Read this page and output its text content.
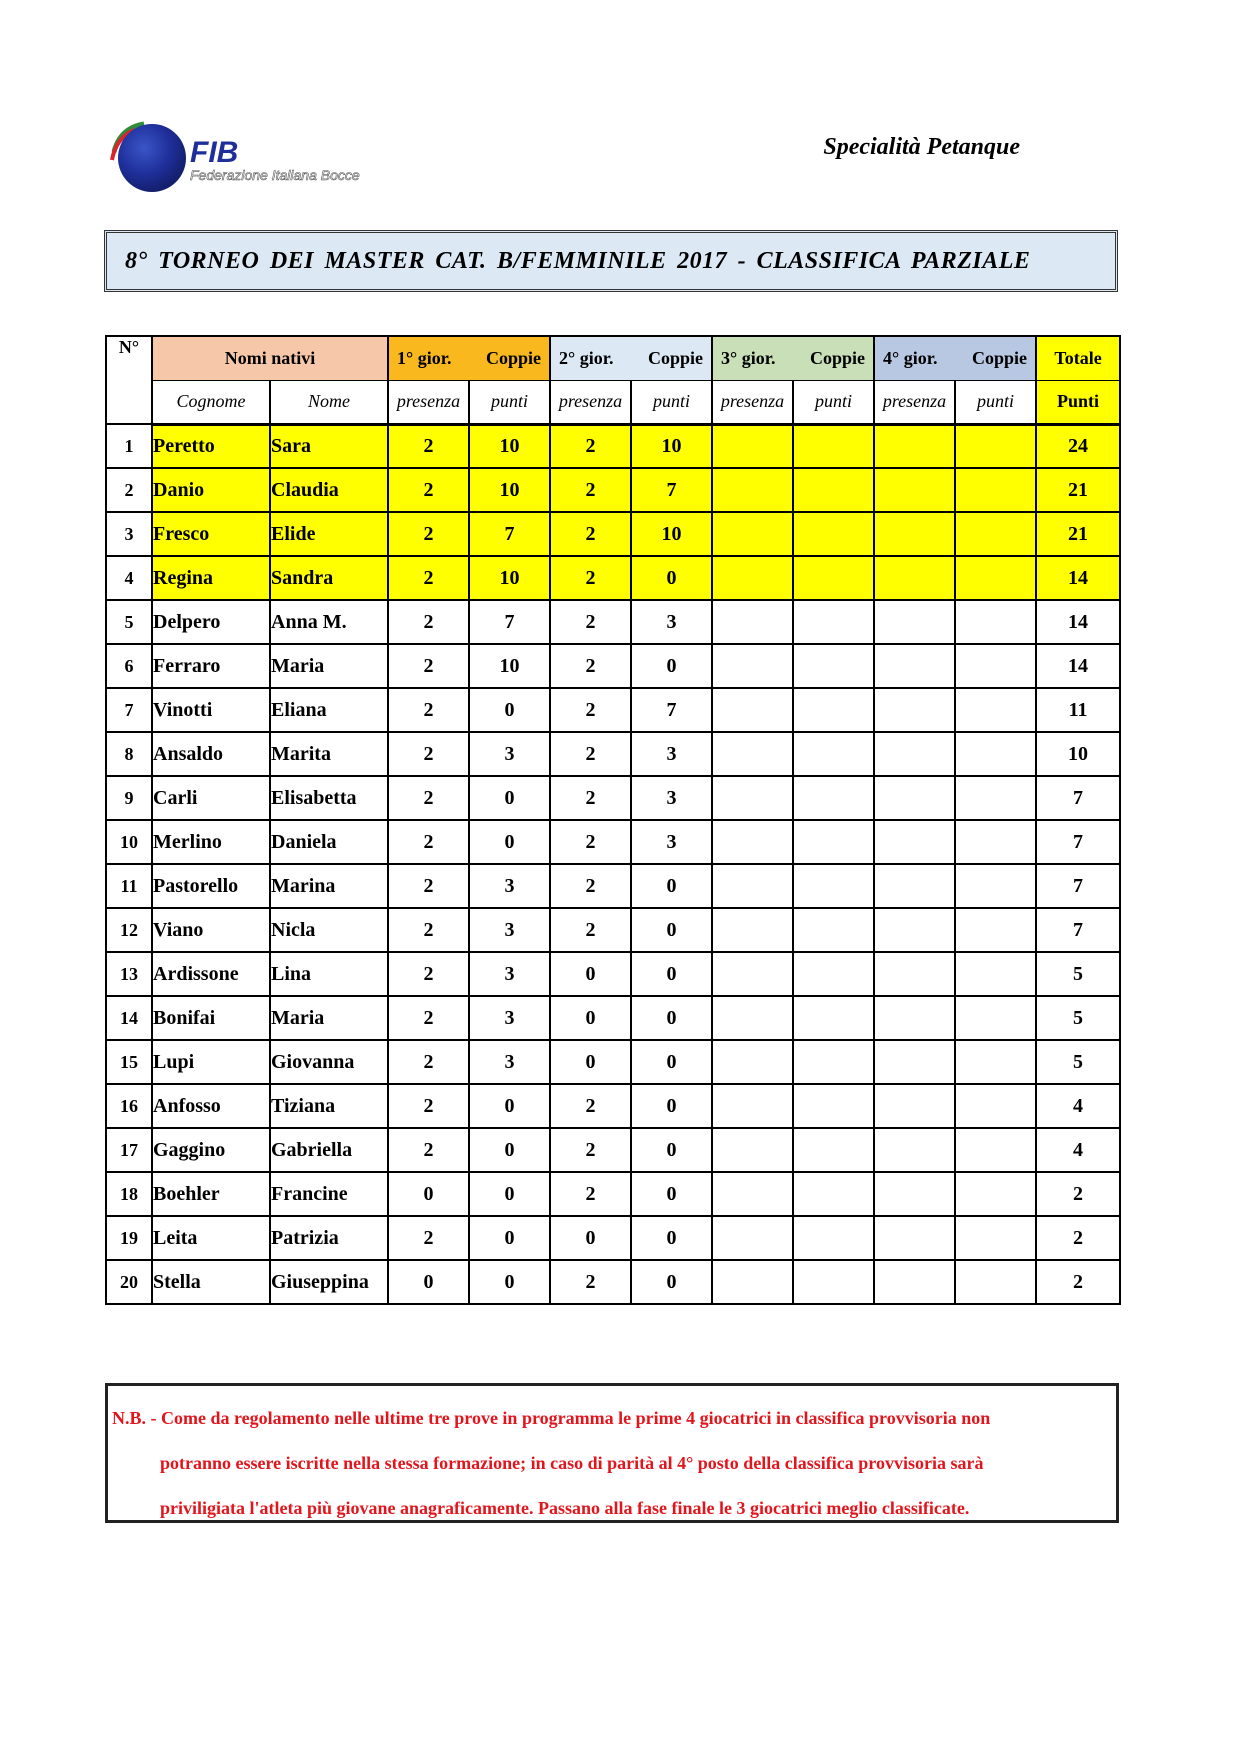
FIB
Federazione Italiana Bocce
Specialità Petanque
8° TORNEO DEI MASTER CAT. B/FEMMINILE 2017 - CLASSIFICA PARZIALE
N°	Nomi nativi		1° gior. Coppie		2° gior. Coppie		3° gior. Coppie		4° gior. Coppie		Totale
	Cognome	Nome	presenza	punti	presenza	punti	presenza	punti	presenza	punti	Punti
1	Peretto	Sara	2	10	2	10					24
2	Danio	Claudia	2	10	2	7					21
3	Fresco	Elide	2	7	2	10					21
4	Regina	Sandra	2	10	2	0					14
5	Delpero	Anna M.	2	7	2	3					14
6	Ferraro	Maria	2	10	2	0					14
7	Vinotti	Eliana	2	0	2	7					11
8	Ansaldo	Marita	2	3	2	3					10
9	Carli	Elisabetta	2	0	2	3					7
10	Merlino	Daniela	2	0	2	3					7
11	Pastorello	Marina	2	3	2	0					7
12	Viano	Nicla	2	3	2	0					7
13	Ardissone	Lina	2	3	0	0					5
14	Bonifai	Maria	2	3	0	0					5
15	Lupi	Giovanna	2	3	0	0					5
16	Anfosso	Tiziana	2	0	2	0					4
17	Gaggino	Gabriella	2	0	2	0					4
18	Boehler	Francine	0	0	2	0					2
19	Leita	Patrizia	2	0	0	0					2
20	Stella	Giuseppina	0	0	2	0					2

N.B. - Come da regolamento nelle ultime tre prove in programma le prime 4 giocatrici in classifica provvisoria non

potranno essere iscritte nella stessa formazione; in caso di parità al 4° posto della classifica provvisoria sarà

priviligiata l'atleta più giovane anagraficamente. Passano alla fase finale le 3 giocatrici meglio classificate.
